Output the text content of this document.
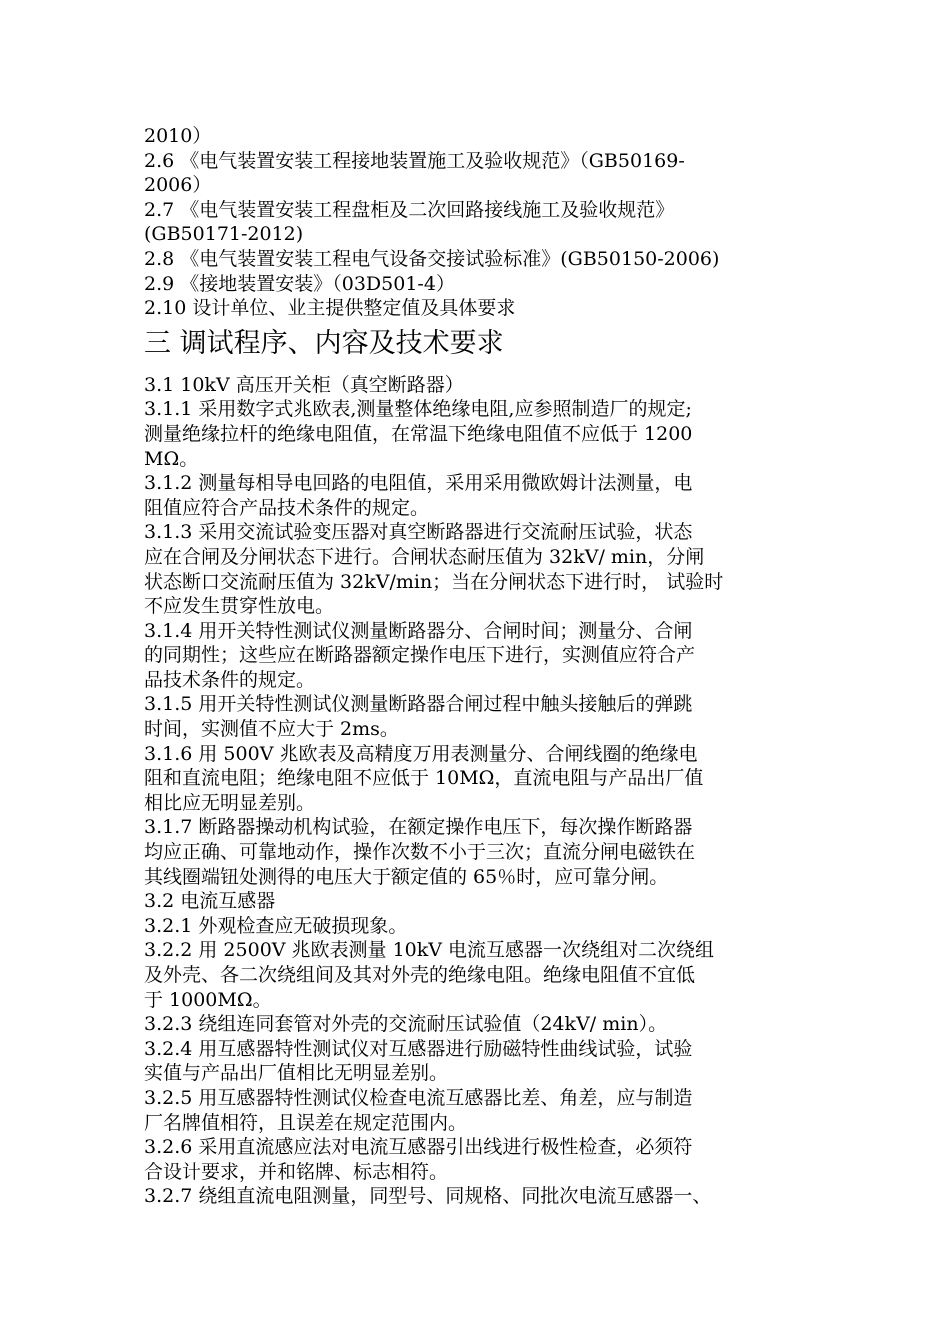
2010）
2.6 《电气装置安装工程接地装置施工及验收规范》（GB50169-
2006）
2.7 《电气装置安装工程盘柜及二次回路接线施工及验收规范》
(GB50171-2012)
2.8 《电气装置安装工程电气设备交接试验标准》(GB50150-2006)
2.9 《接地装置安装》（03D501-4）
2.10 设计单位、业主提供整定值及具体要求
三 调试程序、内容及技术要求
3.1 10kV 高压开关柜（真空断路器）
3.1.1 采用数字式兆欧表,测量整体绝缘电阻,应参照制造厂的规定;
测量绝缘拉杆的绝缘电阻值，在常温下绝缘电阻值不应低于 1200
MΩ。
3.1.2 测量每相导电回路的电阻值，采用采用微欧姆计法测量，电
阻值应符合产品技术条件的规定。
3.1.3 采用交流试验变压器对真空断路器进行交流耐压试验，状态
应在合闸及分闸状态下进行。合闸状态耐压值为 32kV/ min，分闸
状态断口交流耐压值为 32kV/min；当在分闸状态下进行时， 试验时
不应发生贯穿性放电。
3.1.4 用开关特性测试仪测量断路器分、合闸时间；测量分、合闸
的同期性；这些应在断路器额定操作电压下进行，实测值应符合产
品技术条件的规定。
3.1.5 用开关特性测试仪测量断路器合闸过程中触头接触后的弹跳
时间，实测值不应大于 2ms。
3.1.6 用 500V 兆欧表及高精度万用表测量分、合闸线圈的绝缘电
阻和直流电阻；绝缘电阻不应低于 10MΩ，直流电阻与产品出厂值
相比应无明显差别。
3.1.7 断路器操动机构试验，在额定操作电压下，每次操作断路器
均应正确、可靠地动作，操作次数不小于三次；直流分闸电磁铁在
其线圈端钮处测得的电压大于额定值的 65％时，应可靠分闸。
3.2 电流互感器
3.2.1 外观检查应无破损现象。
3.2.2 用 2500V 兆欧表测量 10kV 电流互感器一次绕组对二次绕组
及外壳、各二次绕组间及其对外壳的绝缘电阻。绝缘电阻值不宜低
于 1000MΩ。
3.2.3 绕组连同套管对外壳的交流耐压试验值（24kV/ min）。
3.2.4 用互感器特性测试仪对互感器进行励磁特性曲线试验，试验
实值与产品出厂值相比无明显差别。
3.2.5 用互感器特性测试仪检查电流互感器比差、角差，应与制造
厂名牌值相符，且误差在规定范围内。
3.2.6 采用直流感应法对电流互感器引出线进行极性检查，必须符
合设计要求，并和铭牌、标志相符。
3.2.7 绕组直流电阻测量，同型号、同规格、同批次电流互感器一、
